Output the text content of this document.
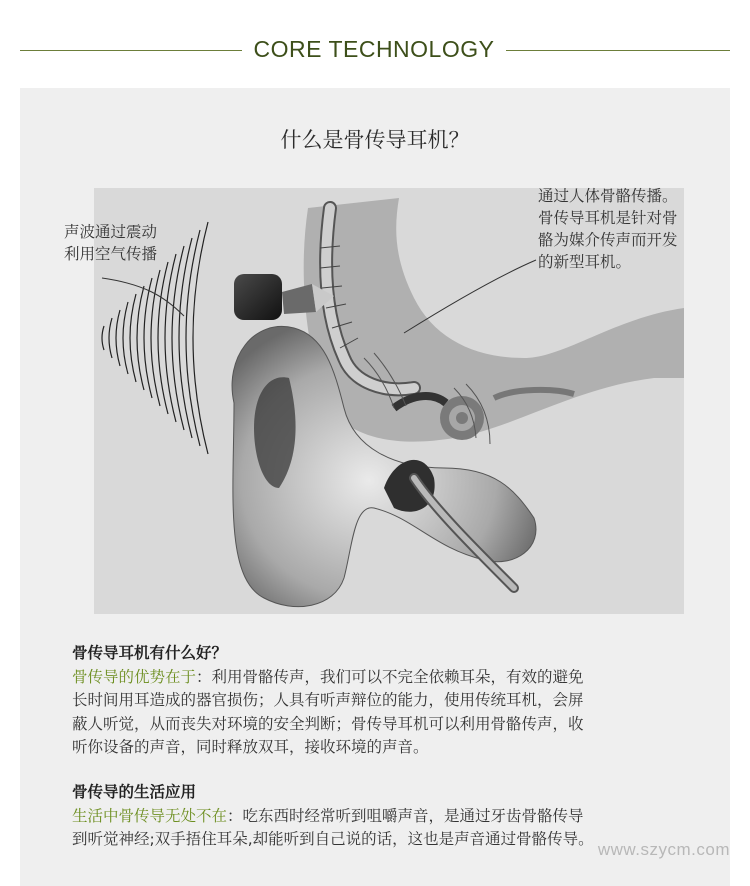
CORE TECHNOLOGY
什么是骨传导耳机？
声波通过震动
利用空气传播
通过人体骨骼传播。
骨传导耳机是针对骨
骼为媒介传声而开发
的新型耳机。
骨传导耳机有什么好？
骨传导的优势在于：利用骨骼传声，我们可以不完全依赖耳朵，有效的避免
长时间用耳造成的器官损伤；人具有听声辩位的能力，使用传统耳机，会屏
蔽人听觉，从而丧失对环境的安全判断；骨传导耳机可以利用骨骼传声，收
听你设备的声音，同时释放双耳，接收环境的声音。
骨传导的生活应用
生活中骨传导无处不在：吃东西时经常听到咀嚼声音，是通过牙齿骨骼传导
到听觉神经;双手捂住耳朵,却能听到自己说的话，这也是声音通过骨骼传导。
www.szycm.com
